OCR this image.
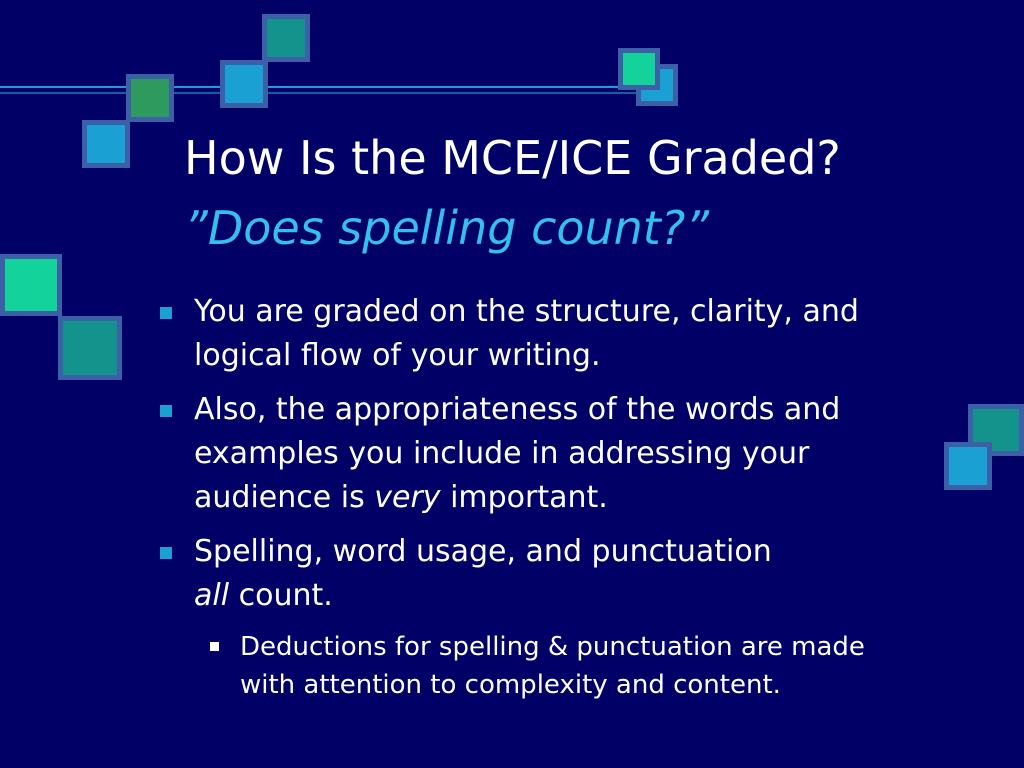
How Is the MCE/ICE Graded?
”Does spelling count?”
You are graded on the structure, clarity, and logical flow of your writing.
Also, the appropriateness of the words and examples you include in addressing your audience is very important.
Spelling, word usage, and punctuation
all count.
Deductions for spelling & punctuation are made with attention to complexity and content.
